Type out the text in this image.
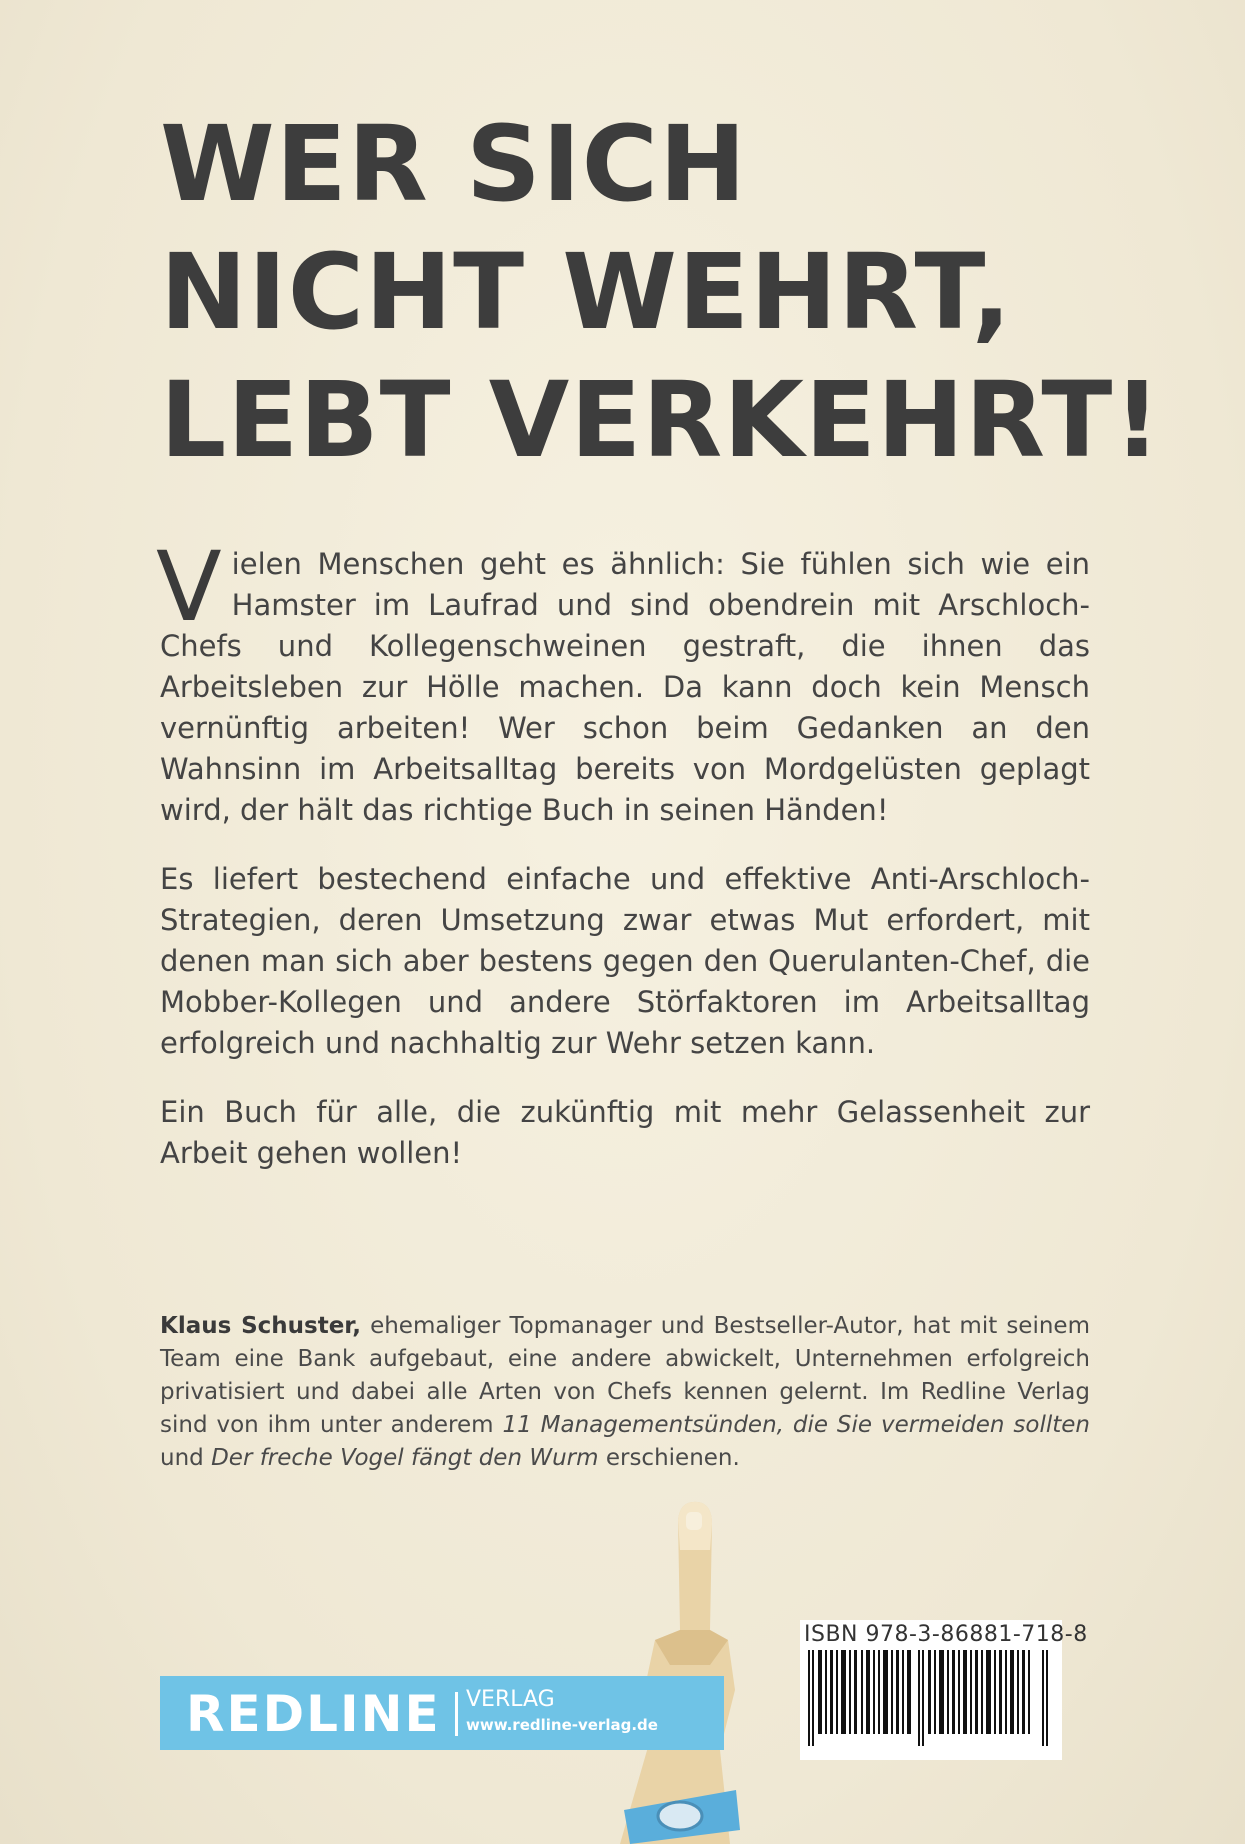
WER SICH
NICHT WEHRT,
LEBT VERKEHRT!

Vielen Menschen geht es ähnlich: Sie fühlen sich wie ein Hamster im Laufrad und sind obendrein mit Arschloch-Chefs und Kollegenschweinen gestraft, die ihnen das Arbeitsleben zur Hölle machen. Da kann doch kein Mensch vernünftig arbeiten! Wer schon beim Gedanken an den Wahnsinn im Arbeitsalltag bereits von Mordgelüsten geplagt wird, der hält das richtige Buch in seinen Händen!

Es liefert bestechend einfache und effektive Anti-Arschloch-Strategien, deren Umsetzung zwar etwas Mut erfordert, mit denen man sich aber bestens gegen den Querulanten-Chef, die Mobber-Kollegen und andere Störfaktoren im Arbeitsalltag erfolgreich und nachhaltig zur Wehr setzen kann.

Ein Buch für alle, die zukünftig mit mehr Gelassenheit zur Arbeit gehen wollen!

Klaus Schuster, ehemaliger Topmanager und Bestseller-Autor, hat mit seinem Team eine Bank aufgebaut, eine andere abwickelt, Unternehmen erfolgreich privatisiert und dabei alle Arten von Chefs kennen gelernt. Im Redline Verlag sind von ihm unter anderem 11 Managementsünden, die Sie vermeiden sollten und Der freche Vogel fängt den Wurm erschienen.
ISBN 978-3-86881-718-8
REDLINE VERLAG
www.redline-verlag.de
